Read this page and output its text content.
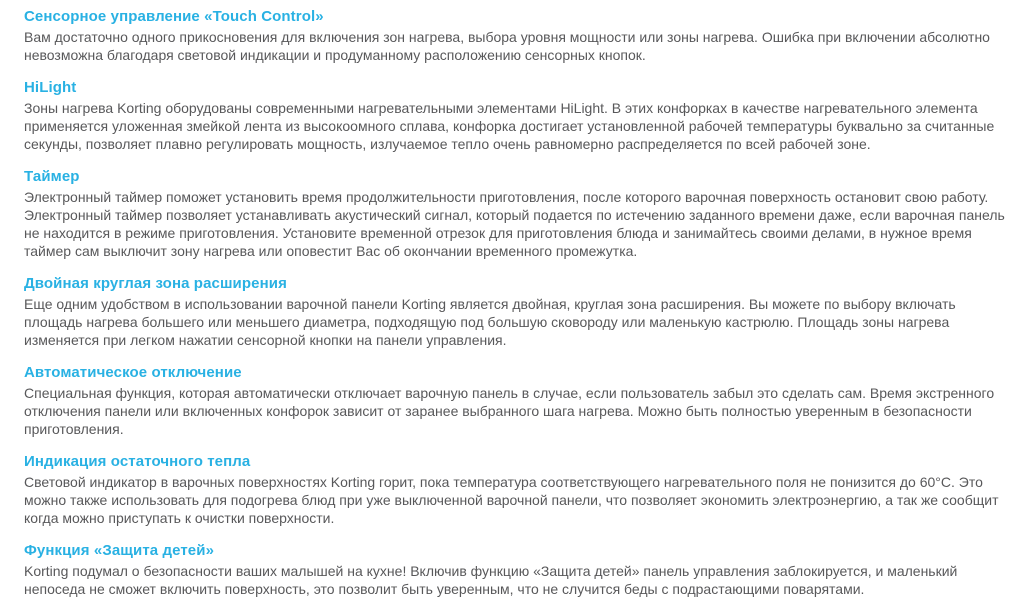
Сенсорное управление «Touch Control»

Вам достаточно одного прикосновения для включения зон нагрева, выбора уровня мощности или зоны нагрева. Ошибка при включении абсолютно невозможна благодаря световой индикации и продуманному расположению сенсорных кнопок.

HiLight

Зоны нагрева Korting оборудованы современными нагревательными элементами HiLight. В этих конфорках в качестве нагревательного элемента применяется уложенная змейкой лента из высокоомного сплава, конфорка достигает установленной рабочей температуры буквально за считанные секунды, позволяет плавно регулировать мощность, излучаемое тепло очень равномерно распределяется по всей рабочей зоне.

Таймер

Электронный таймер поможет установить время продолжительности приготовления, после которого варочная поверхность остановит свою работу. Электронный таймер позволяет устанавливать акустический сигнал, который подается по истечению заданного времени даже, если варочная панель не находится в режиме приготовления. Установите временной отрезок для приготовления блюда и занимайтесь своими делами, в нужное время таймер сам выключит зону нагрева или оповестит Вас об окончании временного промежутка.

Двойная круглая зона расширения

Еще одним удобством в использовании варочной панели Korting является двойная, круглая зона расширения. Вы можете по выбору включать площадь нагрева большего или меньшего диаметра, подходящую под большую сковороду или маленькую кастрюлю. Площадь зоны нагрева изменяется при легком нажатии сенсорной кнопки на панели управления.

Автоматическое отключение

Специальная функция, которая автоматически отключает варочную панель в случае, если пользователь забыл это сделать сам. Время экстренного отключения панели или включенных конфорок зависит от заранее выбранного шага нагрева. Можно быть полностью уверенным в безопасности приготовления.

Индикация остаточного тепла

Световой индикатор в варочных поверхностях Korting горит, пока температура соответствующего нагревательного поля не понизится до 60°С. Это можно также использовать для подогрева блюд при уже выключенной варочной панели, что позволяет экономить электроэнергию, а так же сообщит когда можно приступать к очистки поверхности.

Функция «Защита детей»

Korting подумал о безопасности ваших малышей на кухне! Включив функцию «Защита детей» панель управления заблокируется, и маленький непоседа не сможет включить поверхность, это позволит быть уверенным, что не случится беды с подрастающими поварятами.
